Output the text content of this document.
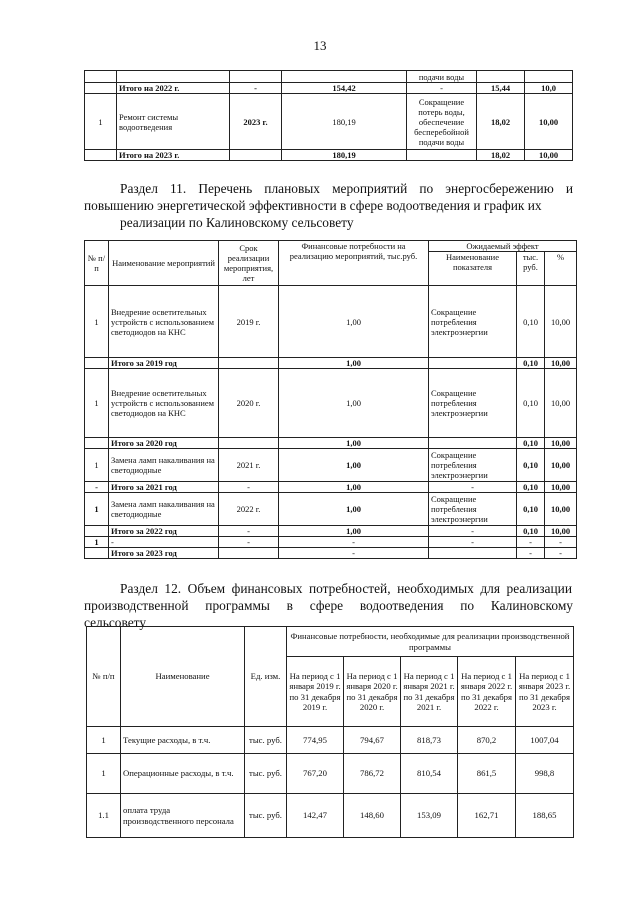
13
				подачи воды		
	Итого на 2022 г.	-	154,42	-	15,44	10,0
1	Ремонт системы водоотведения	2023 г.	180,19	Сокращение потерь воды, обеспечение бесперебойной подачи воды	18,02	10,00
	Итого на 2023 г.		180,19		18,02	10,00
Раздел 11. Перечень плановых мероприятий по энергосбережению и
повышению энергетической эффективности в сфере водоотведения и график их
реализации по Калиновскому сельсовету
№ п/п	Наименование мероприятий	Срок реализации мероприятия, лет	Финансовые потребности на реализацию мероприятий, тыс.руб.	Ожидаемый эффект		
				Наименование показателя	тыс. руб.	%
1	Внедрение осветительных устройств с использованием светодиодов на КНС	2019 г.	1,00	Сокращение потребления электроэнергии	0,10	10,00
	Итого за 2019 год		1,00		0,10	10,00
1	Внедрение осветительных устройств с использованием светодиодов на КНС	2020 г.	1,00	Сокращение потребления электроэнергии	0,10	10,00
	Итого за 2020 год		1,00		0,10	10,00
1	Замена ламп накаливания на светодиодные	2021 г.	1,00	Сокращение потребления электроэнергии	0,10	10,00
-	Итого за 2021 год	-	1,00	-	0,10	10,00
1	Замена ламп накаливания на светодиодные	2022 г.	1,00	Сокращение потребления электроэнергии	0,10	10,00
	Итого за 2022 год	-	1,00	-	0,10	10,00
1	-	-	-	-	-	-
	Итого за 2023 год		-		-	-
Раздел 12. Объем финансовых потребностей, необходимых для реализации
производственной программы в сфере водоотведения по Калиновскому
сельсовету
№ п/п	Наименование	Ед. изм.	Финансовые потребности, необходимые для реализации производственной программы				
			На период с 1 января 2019 г. по 31 декабря 2019 г.	На период с 1 января 2020 г. по 31 декабря 2020 г.	На период с 1 января 2021 г. по 31 декабря 2021 г.	На период с 1 января 2022 г. по 31 декабря 2022 г.	На период с 1 января 2023 г. по 31 декабря 2023 г.
1	Текущие расходы, в т.ч.	тыс. руб.	774,95	794,67	818,73	870,2	1007,04
1	Операционные расходы, в т.ч.	тыс. руб.	767,20	786,72	810,54	861,5	998,8
1.1	оплата труда производственного персонала	тыс. руб.	142,47	148,60	153,09	162,71	188,65
